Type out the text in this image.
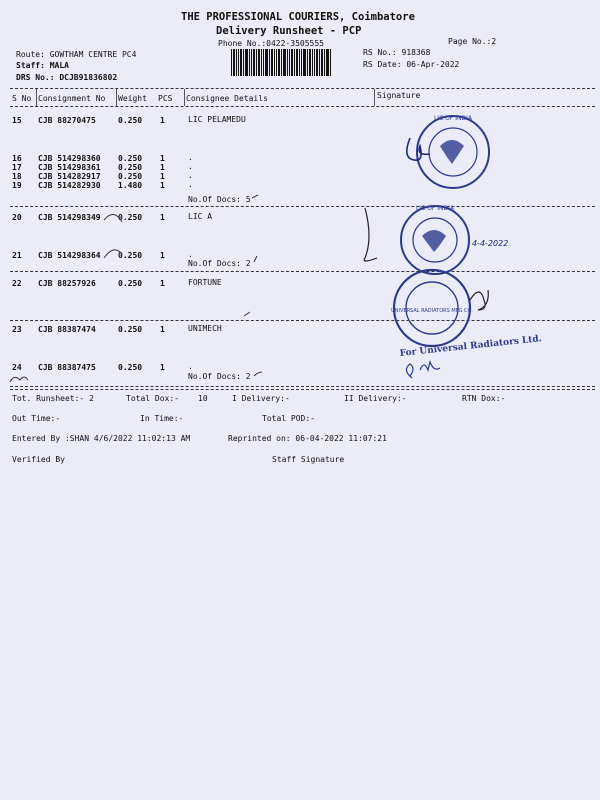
THE PROFESSIONAL COURIERS, Coimbatore
Delivery Runsheet - PCP
Phone No.:0422-3505555	Page No.:2
Route: GOWTHAM CENTRE PC4
Staff: MALA
DRS No.: DCJB91836802
RS No.: 918368
RS Date: 06-Apr-2022
S No Consignment No Weight PCS Consignee Details	Signature
15 CJB 88270475	0.250 1	LIC PELAMEDU
16 CJB 514298360 0.250 1	.
17 CJB 514298361 0.250 1	.
18 CJB 514282917 0.250 1	.
19 CJB 514282930 1.480 1	.
No.Of Docs: 5
20 CJB 514298349 0.250 1	LIC A
21 CJB 514298364 0.250 1	.
No.Of Docs: 2
22 CJB 88257926	0.250 1	FORTUNE
23 CJB 88387474	0.250 1	UNIMECH
24 CJB 88387475	0.250 1	.
No.Of Docs: 2
Tot. Runsheet:- 2	Total Dox:- 10	I Delivery:-	II Delivery:-	RTN Dox:-
Out Time:-	In Time:-	Total POD:-
Entered By :SHAN 4/6/2022 11:02:13 AM	Reprinted on: 06-04-2022 11:07:21
Verified By	Staff Signature
LIC OF INDIA
LIC OF INDIA
4-4-2022
UNIVERSAL RADIATORS MFG CO.
For Universal Radiators Ltd.
